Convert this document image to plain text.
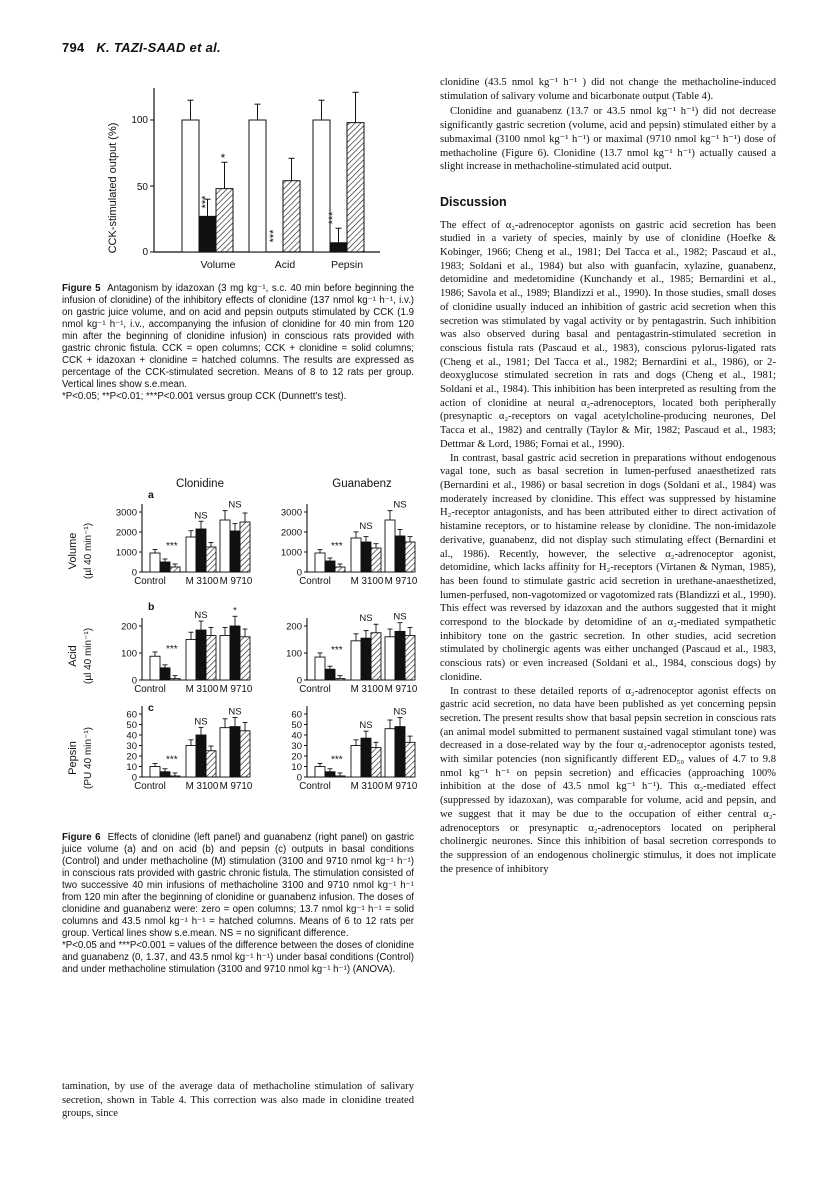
794 K. TAZI-SAAD et al.
CCK-stimulated output (%)
100
50
0
Volume	Acid	Pepsin
***
*
***
***

Figure 5 Antagonism by idazoxan (3 mg kg⁻¹, s.c. 40 min before beginning the infusion of clonidine) of the inhibitory effects of clonidine (137 nmol kg⁻¹ h⁻¹, i.v.) on gastric juice volume, and on acid and pepsin outputs stimulated by CCK (1.9 nmol kg⁻¹ h⁻¹, i.v., accompanying the infusion of clonidine for 40 min from 120 min after the beginning of clonidine infusion) in conscious rats provided with gastric chronic fistula. CCK = open columns; CCK + clonidine = solid columns; CCK + idazoxan + clonidine = hatched columns. The results are expressed as percentage of the CCK-stimulated secretion. Means of 8 to 12 rats per group. Vertical lines show s.e.mean.

*P<0.05; **P<0.01; ***P<0.001 versus group CCK (Dunnett's test).

Clonidine	Guanabenz
a
b
c
Volume (µl 40 min⁻¹)
Acid (µl 40 min⁻¹)
Pepsin (PU 40 min⁻¹)
0
1000
2000
3000
***
NS
NS
Control M 3100 M 9710
0
1000
2000
3000
***
NS
NS
Control M 3100 M 9710
0
100
200
***
NS	*
Control M 3100 M 9710
0
100
200
***
NS NS
Control M 3100 M 9710
0
10
20
30
40
50
60
***
NS
NS
Control M 3100 M 9710
0
10
20
30
40
50
60
***
NS
NS
Control M 3100 M 9710

Figure 6 Effects of clonidine (left panel) and guanabenz (right panel) on gastric juice volume (a) and on acid (b) and pepsin (c) outputs in basal conditions (Control) and under methacholine (M) stimulation (3100 and 9710 nmol kg⁻¹ h⁻¹) in conscious rats provided with gastric chronic fistula. The stimulation consisted of two successive 40 min infusions of methacholine 3100 and 9710 nmol kg⁻¹ h⁻¹ from 120 min after the beginning of clonidine or guanabenz infusion. The doses of clonidine and guanabenz were: zero = open columns; 13.7 nmol kg⁻¹ h⁻¹ = solid columns and 43.5 nmol kg⁻¹ h⁻¹ = hatched columns. Means of 6 to 12 rats per group. Vertical lines show s.e.mean. NS = no significant difference.

*P<0.05 and ***P<0.001 = values of the difference between the doses of clonidine and guanabenz (0, 1.37, and 43.5 nmol kg⁻¹ h⁻¹) under basal conditions (Control) and under methacholine stimulation (3100 and 9710 nmol kg⁻¹ h⁻¹) (ANOVA).

tamination, by use of the average data of methacholine stimulation of salivary secretion, shown in Table 4. This correction was also made in clonidine treated groups, since

clonidine (43.5 nmol kg⁻¹ h⁻¹ ) did not change the methacholine-induced stimulation of salivary volume and bicarbonate output (Table 4).

Clonidine and guanabenz (13.7 or 43.5 nmol kg⁻¹ h⁻¹) did not decrease significantly gastric secretion (volume, acid and pepsin) stimulated either by a submaximal (3100 nmol kg⁻¹ h⁻¹) or maximal (9710 nmol kg⁻¹ h⁻¹) dose of methacholine (Figure 6). Clonidine (13.7 nmol kg⁻¹ h⁻¹) actually caused a slight increase in methacholine-stimulated acid output.

Discussion

The effect of α₂-adrenoceptor agonists on gastric acid secretion has been studied in a variety of species, mainly by use of clonidine (Hoefke & Kobinger, 1966; Cheng et al., 1981; Del Tacca et al., 1982; Pascaud et al., 1983; Soldani et al., 1984) but also with guanfacin, xylazine, guanabenz, detomidine and medetomidine (Kunchandy et al., 1985; Bernardini et al., 1986; Savola et al., 1989; Blandizzi et al., 1990). In those studies, small doses of clonidine usually induced an inhibition of gastric acid secretion when this secretion was stimulated by vagal activity or by pentagastrin. Such inhibition was also observed during basal and pentagastrin-stimulated secretion in conscious fistula rats (Pascaud et al., 1983), conscious pylorus-ligated rats (Cheng et al., 1981; Del Tacca et al., 1982; Bernardini et al., 1986), or 2-deoxyglucose stimulated secretion in rats and dogs (Cheng et al., 1981; Soldani et al., 1984). This inhibition has been interpreted as resulting from the action of clonidine at neural α₂-adrenoceptors, located both peripherally (presynaptic α₂-receptors on vagal acetylcholine-producing neurones, Del Tacca et al., 1982) and centrally (Taylor & Mir, 1982; Pascaud et al., 1983; Dettmar & Lord, 1986; Fornai et al., 1990).

In contrast, basal gastric acid secretion in preparations without endogenous vagal tone, such as basal secretion in lumen-perfused anaesthetized rats (Bernardini et al., 1986) or basal secretion in dogs (Soldani et al., 1984) was moderately increased by clonidine. This effect was suppressed by histamine H₂-receptor antagonists, and has been attributed either to direct activation of histamine receptors, or to histamine release by clonidine. The non-imidazole derivative, guanabenz, did not display such stimulating effect (Bernardini et al., 1986). Recently, however, the selective α₂-adrenoceptor agonist, detomidine, which lacks affinity for H₂-receptors (Virtanen & Nyman, 1985), has been found to stimulate gastric acid secretion in urethane-anaesthetized, lumen-perfused, non-vagotomized or vagotomized rats (Blandizzi et al., 1990). This effect was reversed by idazoxan and the authors suggested that it might correspond to the blockade by detomidine of an α₂-mediated sympathetic inhibitory tone on the gastric secretion. In other studies, acid secretion stimulated by cholinergic agents was either unchanged (Pascaud et al., 1983, conscious rats) or even increased (Soldani et al., 1984, conscious dogs) by clonidine.

In contrast to these detailed reports of α₂-adrenoceptor agonist effects on gastric acid secretion, no data have been published as yet concerning pepsin secretion. The present results show that basal pepsin secretion in conscious rats (an animal model submitted to permanent sustained vagal stimulant tone) was decreased in a dose-related way by the four α₂-adrenoceptor agonists tested, with similar potencies (non significantly different ED₅₀ values of 4.7 to 9.8 nmol kg⁻¹ h⁻¹ on pepsin secretion) and efficacies (approaching 100% inhibition at the dose of 43.5 nmol kg⁻¹ h⁻¹). This α₂-mediated effect (suppressed by idazoxan), was comparable for volume, acid and pepsin, and we suggest that it may be due to the occupation of either central α₂-adrenoceptors or presynaptic α₂-adrenoceptors located on peripheral cholinergic neurones. Since this inhibition of basal secretion corresponds to the suppression of an endogenous cholinergic stimulus, it does not implicate the presence of inhibitory
